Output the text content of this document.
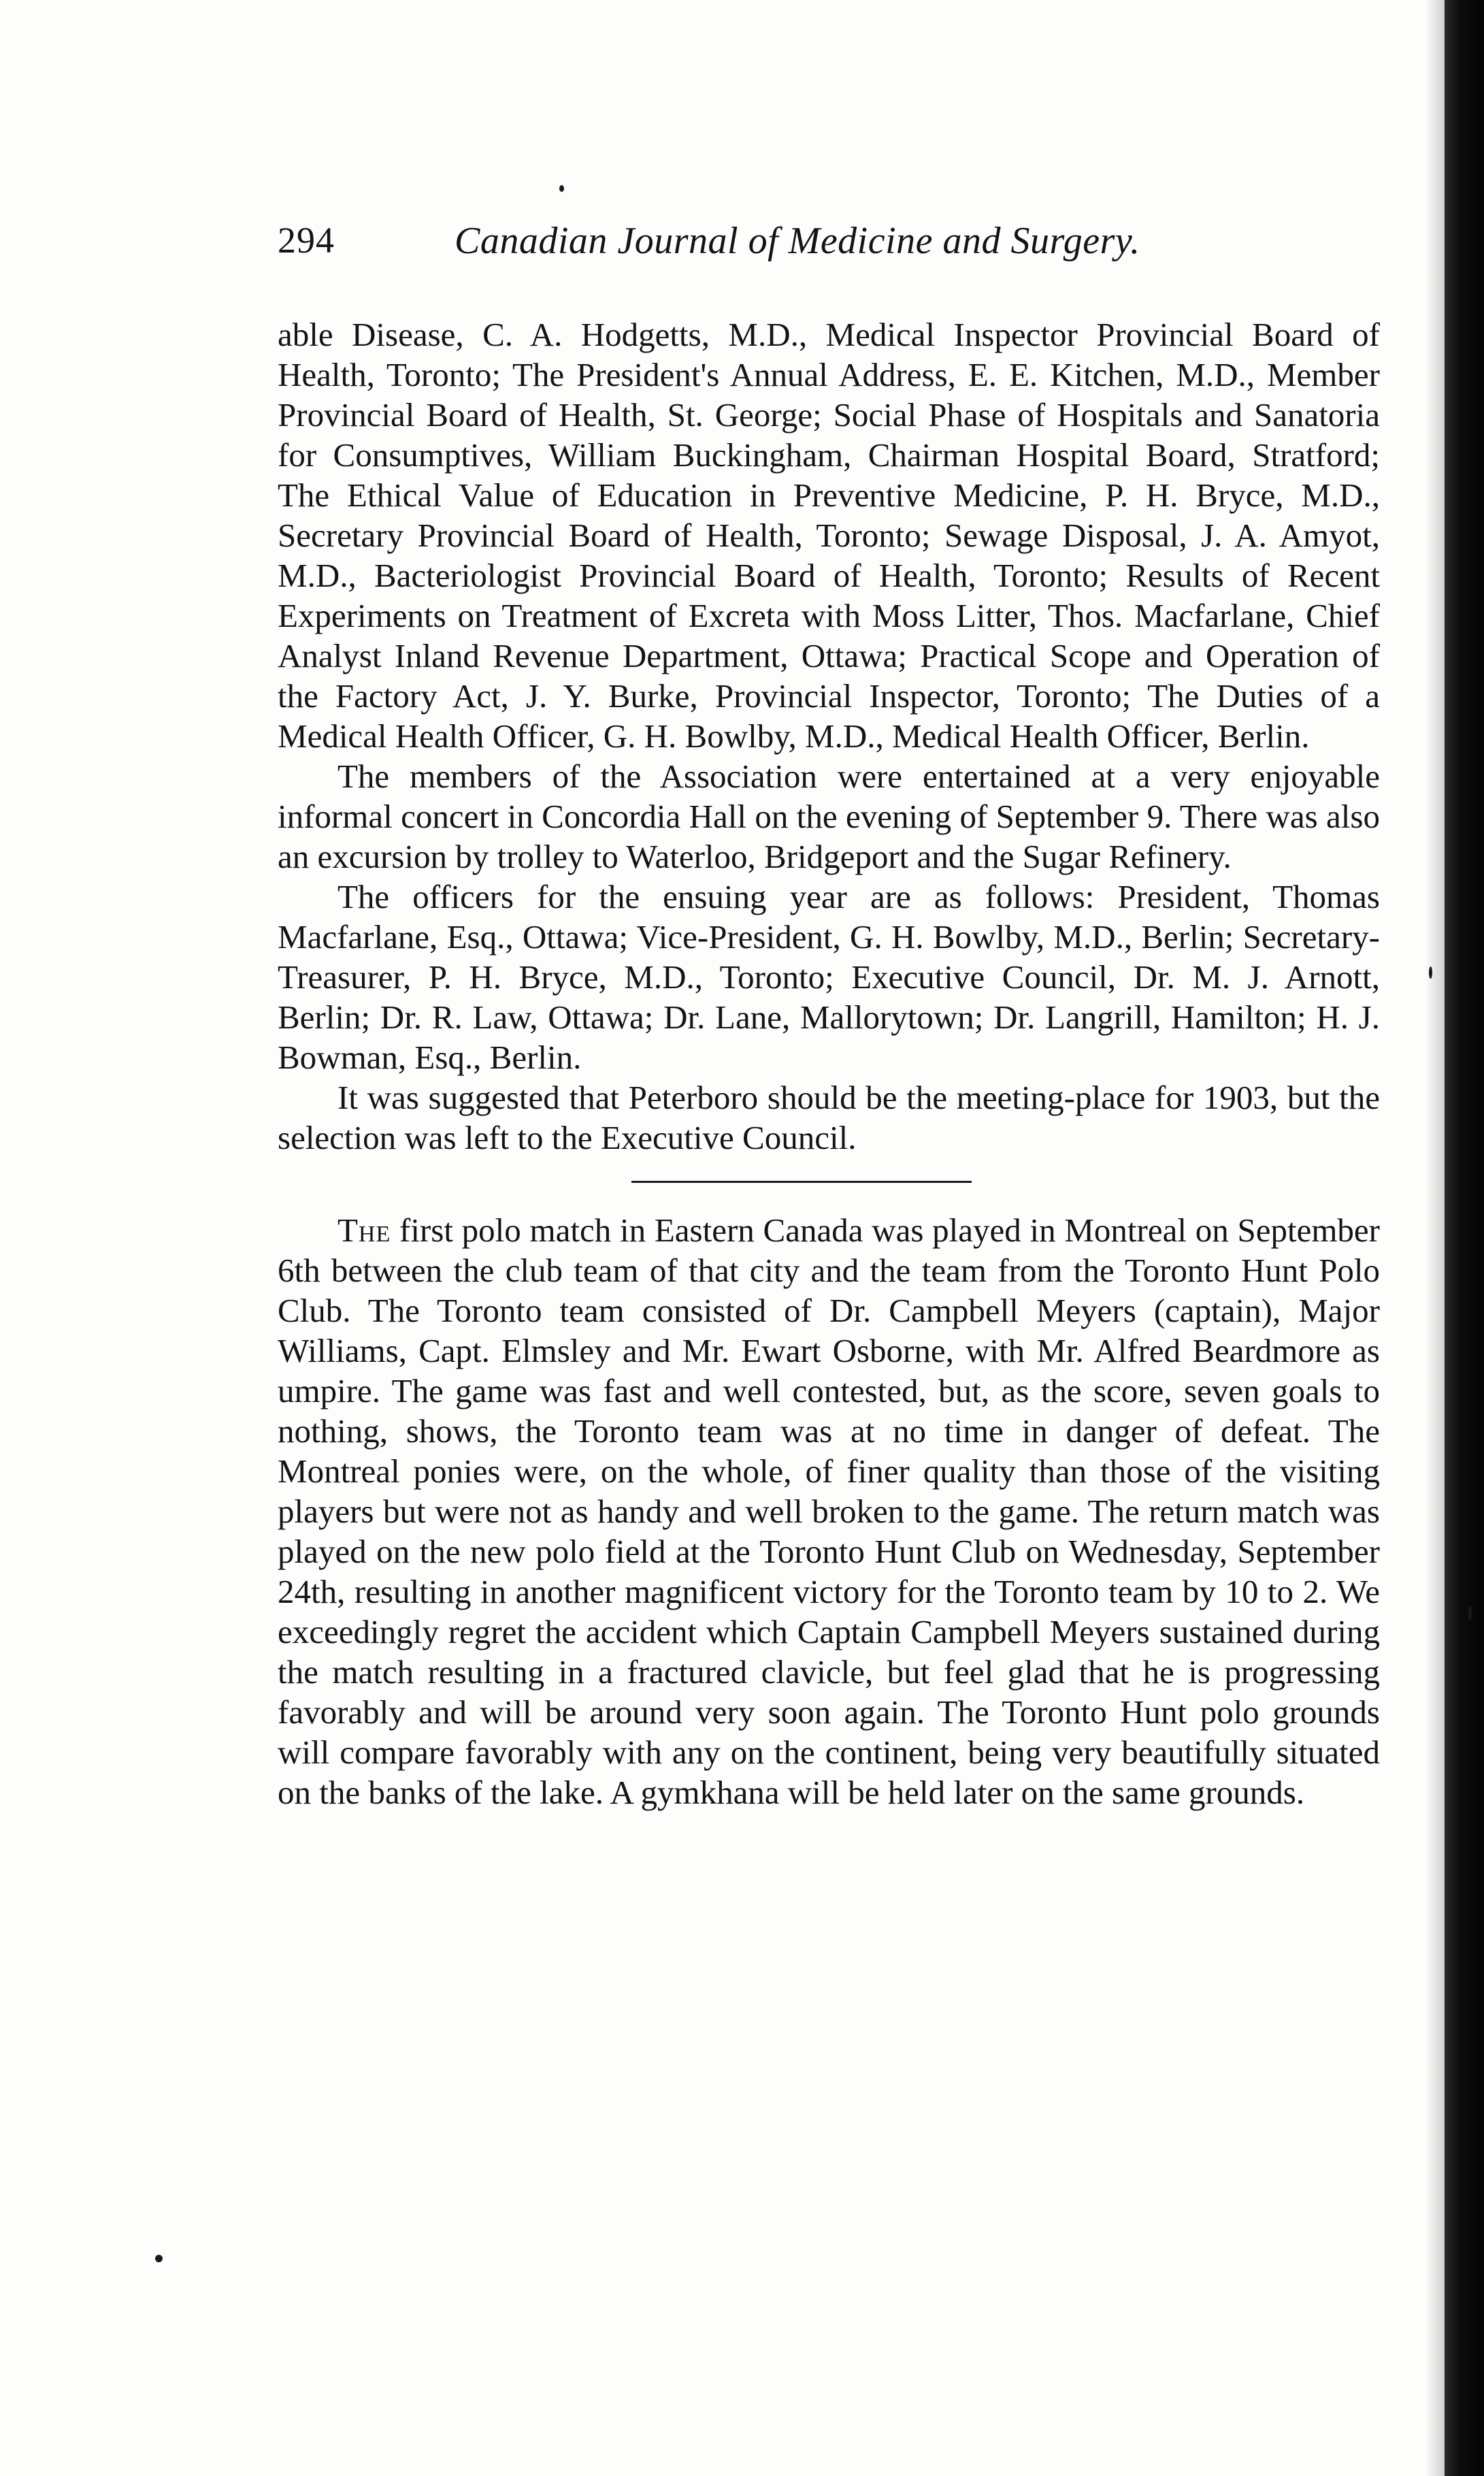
294	Canadian Journal of Medicine and Surgery.

able Disease, C. A. Hodgetts, M.D., Medical Inspector Provincial Board of Health, Toronto; The President's Annual Address, E. E. Kitchen, M.D., Member Provincial Board of Health, St. George; Social Phase of Hospitals and Sanatoria for Consumptives, William Buckingham, Chairman Hospital Board, Stratford; The Ethical Value of Education in Preventive Medicine, P. H. Bryce, M.D., Secretary Provincial Board of Health, Toronto; Sewage Disposal, J. A. Amyot, M.D., Bacteriologist Provincial Board of Health, Toronto; Results of Recent Experiments on Treatment of Excreta with Moss Litter, Thos. Macfarlane, Chief Analyst Inland Revenue Department, Ottawa; Practical Scope and Operation of the Factory Act, J. Y. Burke, Provincial Inspector, Toronto; The Duties of a Medical Health Officer, G. H. Bowlby, M.D., Medical Health Officer, Berlin.

The members of the Association were entertained at a very enjoyable informal concert in Concordia Hall on the evening of September 9. There was also an excursion by trolley to Waterloo, Bridgeport and the Sugar Refinery.

The officers for the ensuing year are as follows: President, Thomas Macfarlane, Esq., Ottawa; Vice-President, G. H. Bowlby, M.D., Berlin; Secretary-Treasurer, P. H. Bryce, M.D., Toronto; Executive Council, Dr. M. J. Arnott, Berlin; Dr. R. Law, Ottawa; Dr. Lane, Mallorytown; Dr. Langrill, Hamilton; H. J. Bowman, Esq., Berlin.

It was suggested that Peterboro should be the meeting-place for 1903, but the selection was left to the Executive Council.

The first polo match in Eastern Canada was played in Montreal on September 6th between the club team of that city and the team from the Toronto Hunt Polo Club. The Toronto team consisted of Dr. Campbell Meyers (captain), Major Williams, Capt. Elmsley and Mr. Ewart Osborne, with Mr. Alfred Beardmore as umpire. The game was fast and well contested, but, as the score, seven goals to nothing, shows, the Toronto team was at no time in danger of defeat. The Montreal ponies were, on the whole, of finer quality than those of the visiting players but were not as handy and well broken to the game. The return match was played on the new polo field at the Toronto Hunt Club on Wednesday, September 24th, resulting in another magnificent victory for the Toronto team by 10 to 2. We exceedingly regret the accident which Captain Campbell Meyers sustained during the match resulting in a fractured clavicle, but feel glad that he is progressing favorably and will be around very soon again. The Toronto Hunt polo grounds will compare favorably with any on the continent, being very beautifully situated on the banks of the lake. A gymkhana will be held later on the same grounds.
